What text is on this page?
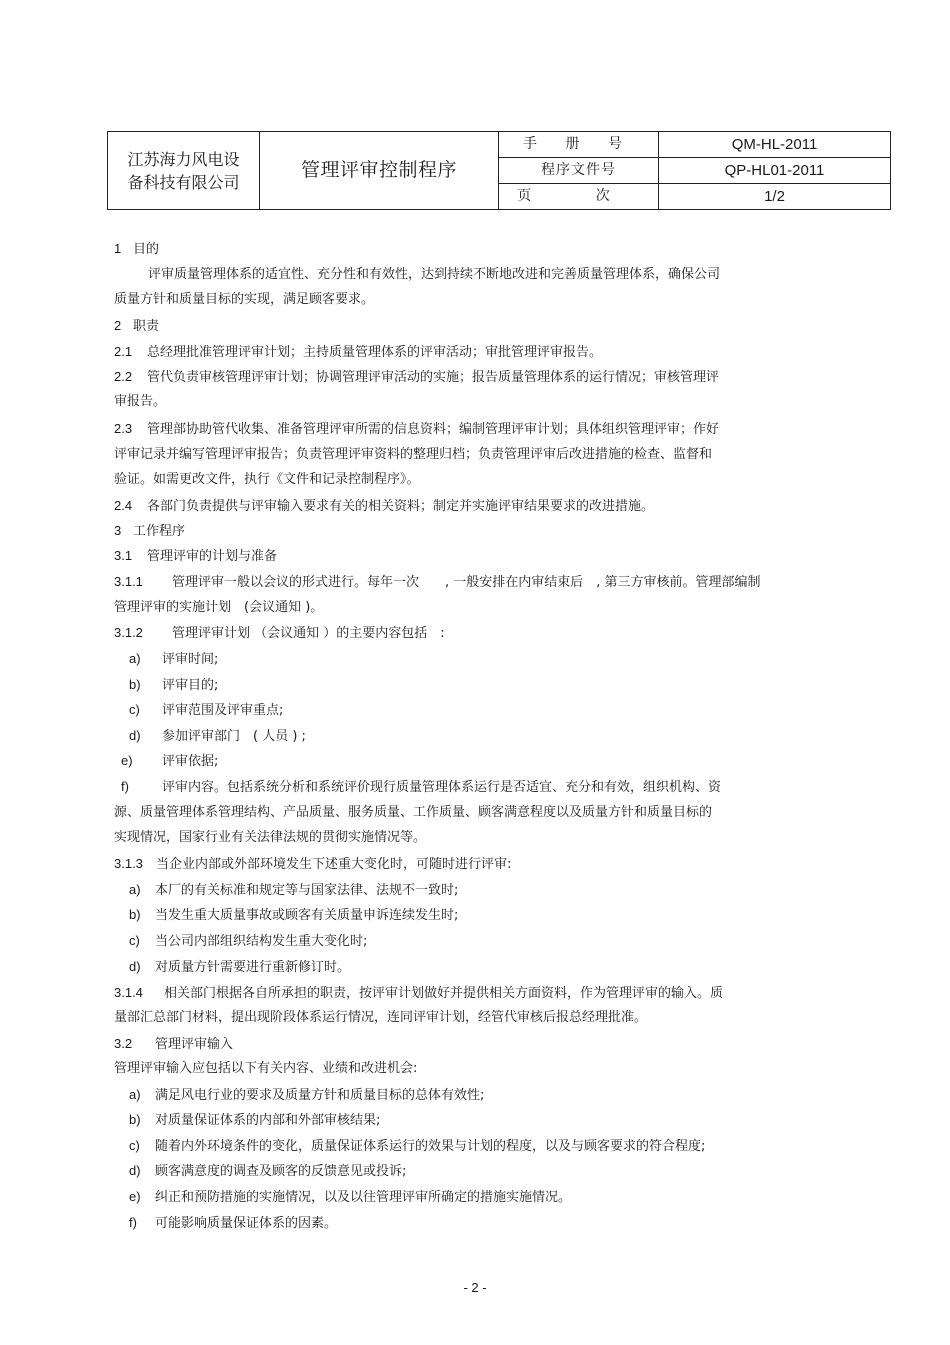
江苏海力风电设
备科技有限公司	管理评审控制程序	手 册 号	QM-HL-2011
		程序文件号	QP-HL01-2011
		页 次	1/2
1 目的
评审质量管理体系的适宜性、充分性和有效性，达到持续不断地改进和完善质量管理体系，确保公司
质量方针和质量目标的实现，满足顾客要求。
2 职责
2.1 总经理批准管理评审计划；主持质量管理体系的评审活动；审批管理评审报告。
2.2 管代负责审核管理评审计划；协调管理评审活动的实施；报告质量管理体系的运行情况；审核管理评
审报告。
2.3 管理部协助管代收集、准备管理评审所需的信息资料；编制管理评审计划；具体组织管理评审；作好
评审记录并编写管理评审报告；负责管理评审资料的整理归档；负责管理评审后改进措施的检查、监督和
验证。如需更改文件，执行《文件和记录控制程序》。
2.4 各部门负责提供与评审输入要求有关的相关资料；制定并实施评审结果要求的改进措施。
3 工作程序
3.1 管理评审的计划与准备
3.1.1 管理评审一般以会议的形式进行。每年一次　　, 一般安排在内审结束后　, 第三方审核前。管理部编制
管理评审的实施计划　(会议通知 )。
3.1.2 管理评审计划 （会议通知 ）的主要内容包括　:
a) 评审时间;
b) 评审目的;
c) 评审范围及评审重点;
d) 参加评审部门　( 人员 ) ;
e) 评审依据;
f)	评审内容。包括系统分析和系统评价现行质量管理体系运行是否适宜、充分和有效，组织机构、资
源、质量管理体系管理结构、产品质量、服务质量、工作质量、顾客满意程度以及质量方针和质量目标的
实现情况，国家行业有关法律法规的贯彻实施情况等。
3.1.3 当企业内部或外部环境发生下述重大变化时，可随时进行评审:
a) 本厂的有关标准和规定等与国家法律、法规不一致时;
b) 当发生重大质量事故或顾客有关质量申诉连续发生时;
c) 当公司内部组织结构发生重大变化时;
d) 对质量方针需要进行重新修订时。
3.1.4 相关部门根据各自所承担的职责，按评审计划做好并提供相关方面资料，作为管理评审的输入。质
量部汇总部门材料，提出现阶段体系运行情况，连同评审计划，经管代审核后报总经理批准。
3.2 管理评审输入
管理评审输入应包括以下有关内容、业绩和改进机会:
a) 满足风电行业的要求及质量方针和质量目标的总体有效性;
b) 对质量保证体系的内部和外部审核结果;
c) 随着内外环境条件的变化，质量保证体系运行的效果与计划的程度，以及与顾客要求的符合程度;
d) 顾客满意度的调查及顾客的反馈意见或投诉;
e) 纠正和预防措施的实施情况，以及以往管理评审所确定的措施实施情况。
f) 可能影响质量保证体系的因素。
- 2 -
